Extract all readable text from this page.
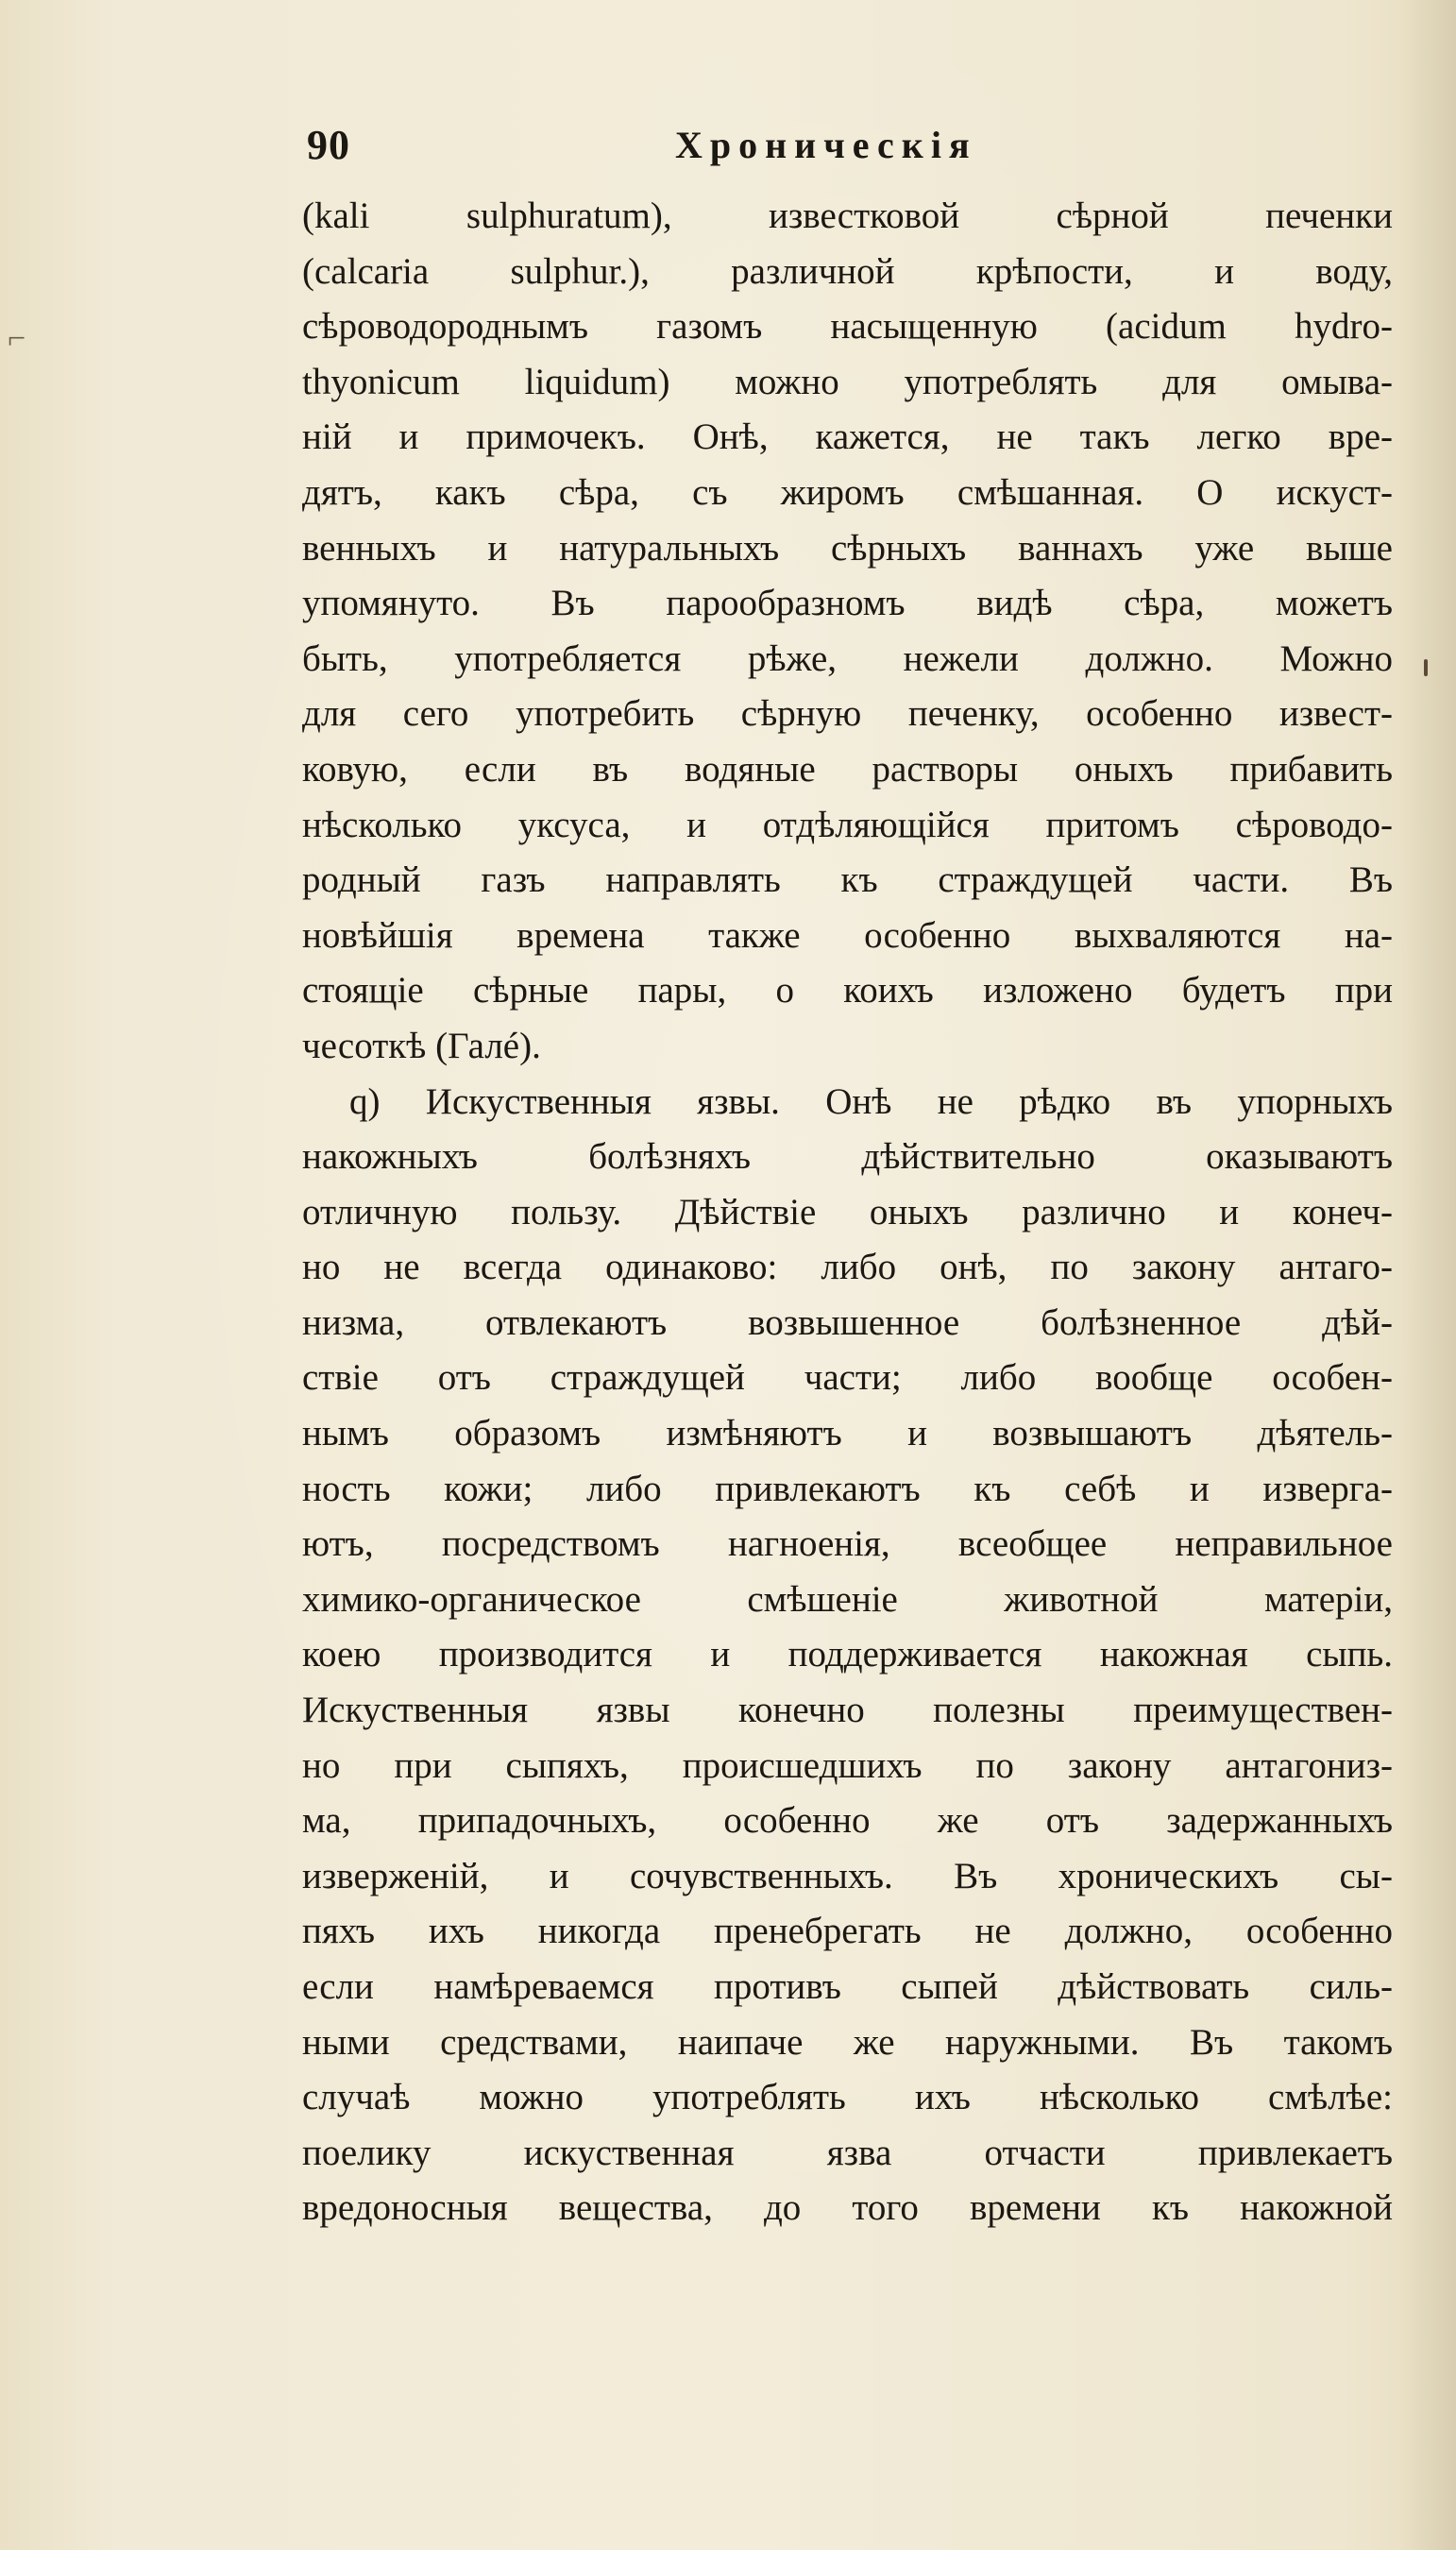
90	Хроническія
(kali sulphuratum), известковой сѣрной печенки
(calcaria sulphur.), различной крѣпости, и воду,
сѣроводороднымъ газомъ насыщенную (acidum hydro-
thyonicum liquidum) можно употреблять для омыва-
ній и примочекъ. Онѣ, кажется, не такъ легко вре-
дятъ, какъ сѣра, съ жиромъ смѣшанная. О искуст-
венныхъ и натуральныхъ сѣрныхъ ваннахъ уже выше
упомянуто. Въ парообразномъ видѣ сѣра, можетъ
быть, употребляется рѣже, нежели должно. Можно
для сего употребить сѣрную печенку, особенно извест-
ковую, если въ водяные растворы оныхъ прибавить
нѣсколько уксуса, и отдѣляющійся притомъ сѣроводо-
родный газъ направлять къ страждущей части. Въ
новѣйшія времена также особенно выхваляются на-
стоящіе сѣрные пары, о коихъ изложено будетъ при
чесоткѣ (Галé).
q) Искуственныя язвы. Онѣ не рѣдко въ упорныхъ
накожныхъ болѣзняхъ дѣйствительно оказываютъ
отличную пользу. Дѣйствіе оныхъ различно и конеч-
но не всегда одинаково: либо онѣ, по закону антаго-
низма, отвлекаютъ возвышенное болѣзненное дѣй-
ствіе отъ страждущей части; либо вообще особен-
нымъ образомъ измѣняютъ и возвышаютъ дѣятель-
ность кожи; либо привлекаютъ къ себѣ и изверга-
ютъ, посредствомъ нагноенія, всеобщее неправильное
химико-органическое смѣшеніе животной матеріи,
коею производится и поддерживается накожная сыпь.
Искуственныя язвы конечно полезны преимуществен-
но при сыпяхъ, происшедшихъ по закону антагониз-
ма, припадочныхъ, особенно же отъ задержанныхъ
изверженій, и сочувственныхъ. Въ хроническихъ сы-
пяхъ ихъ никогда пренебрегать не должно, особенно
если намѣреваемся противъ сыпей дѣйствовать силь-
ными средствами, наипаче же наружными. Въ такомъ
случаѣ можно употреблять ихъ нѣсколько смѣлѣе:
поелику искуственная язва отчасти привлекаетъ
вредоносныя вещества, до того времени къ накожной
⌐
